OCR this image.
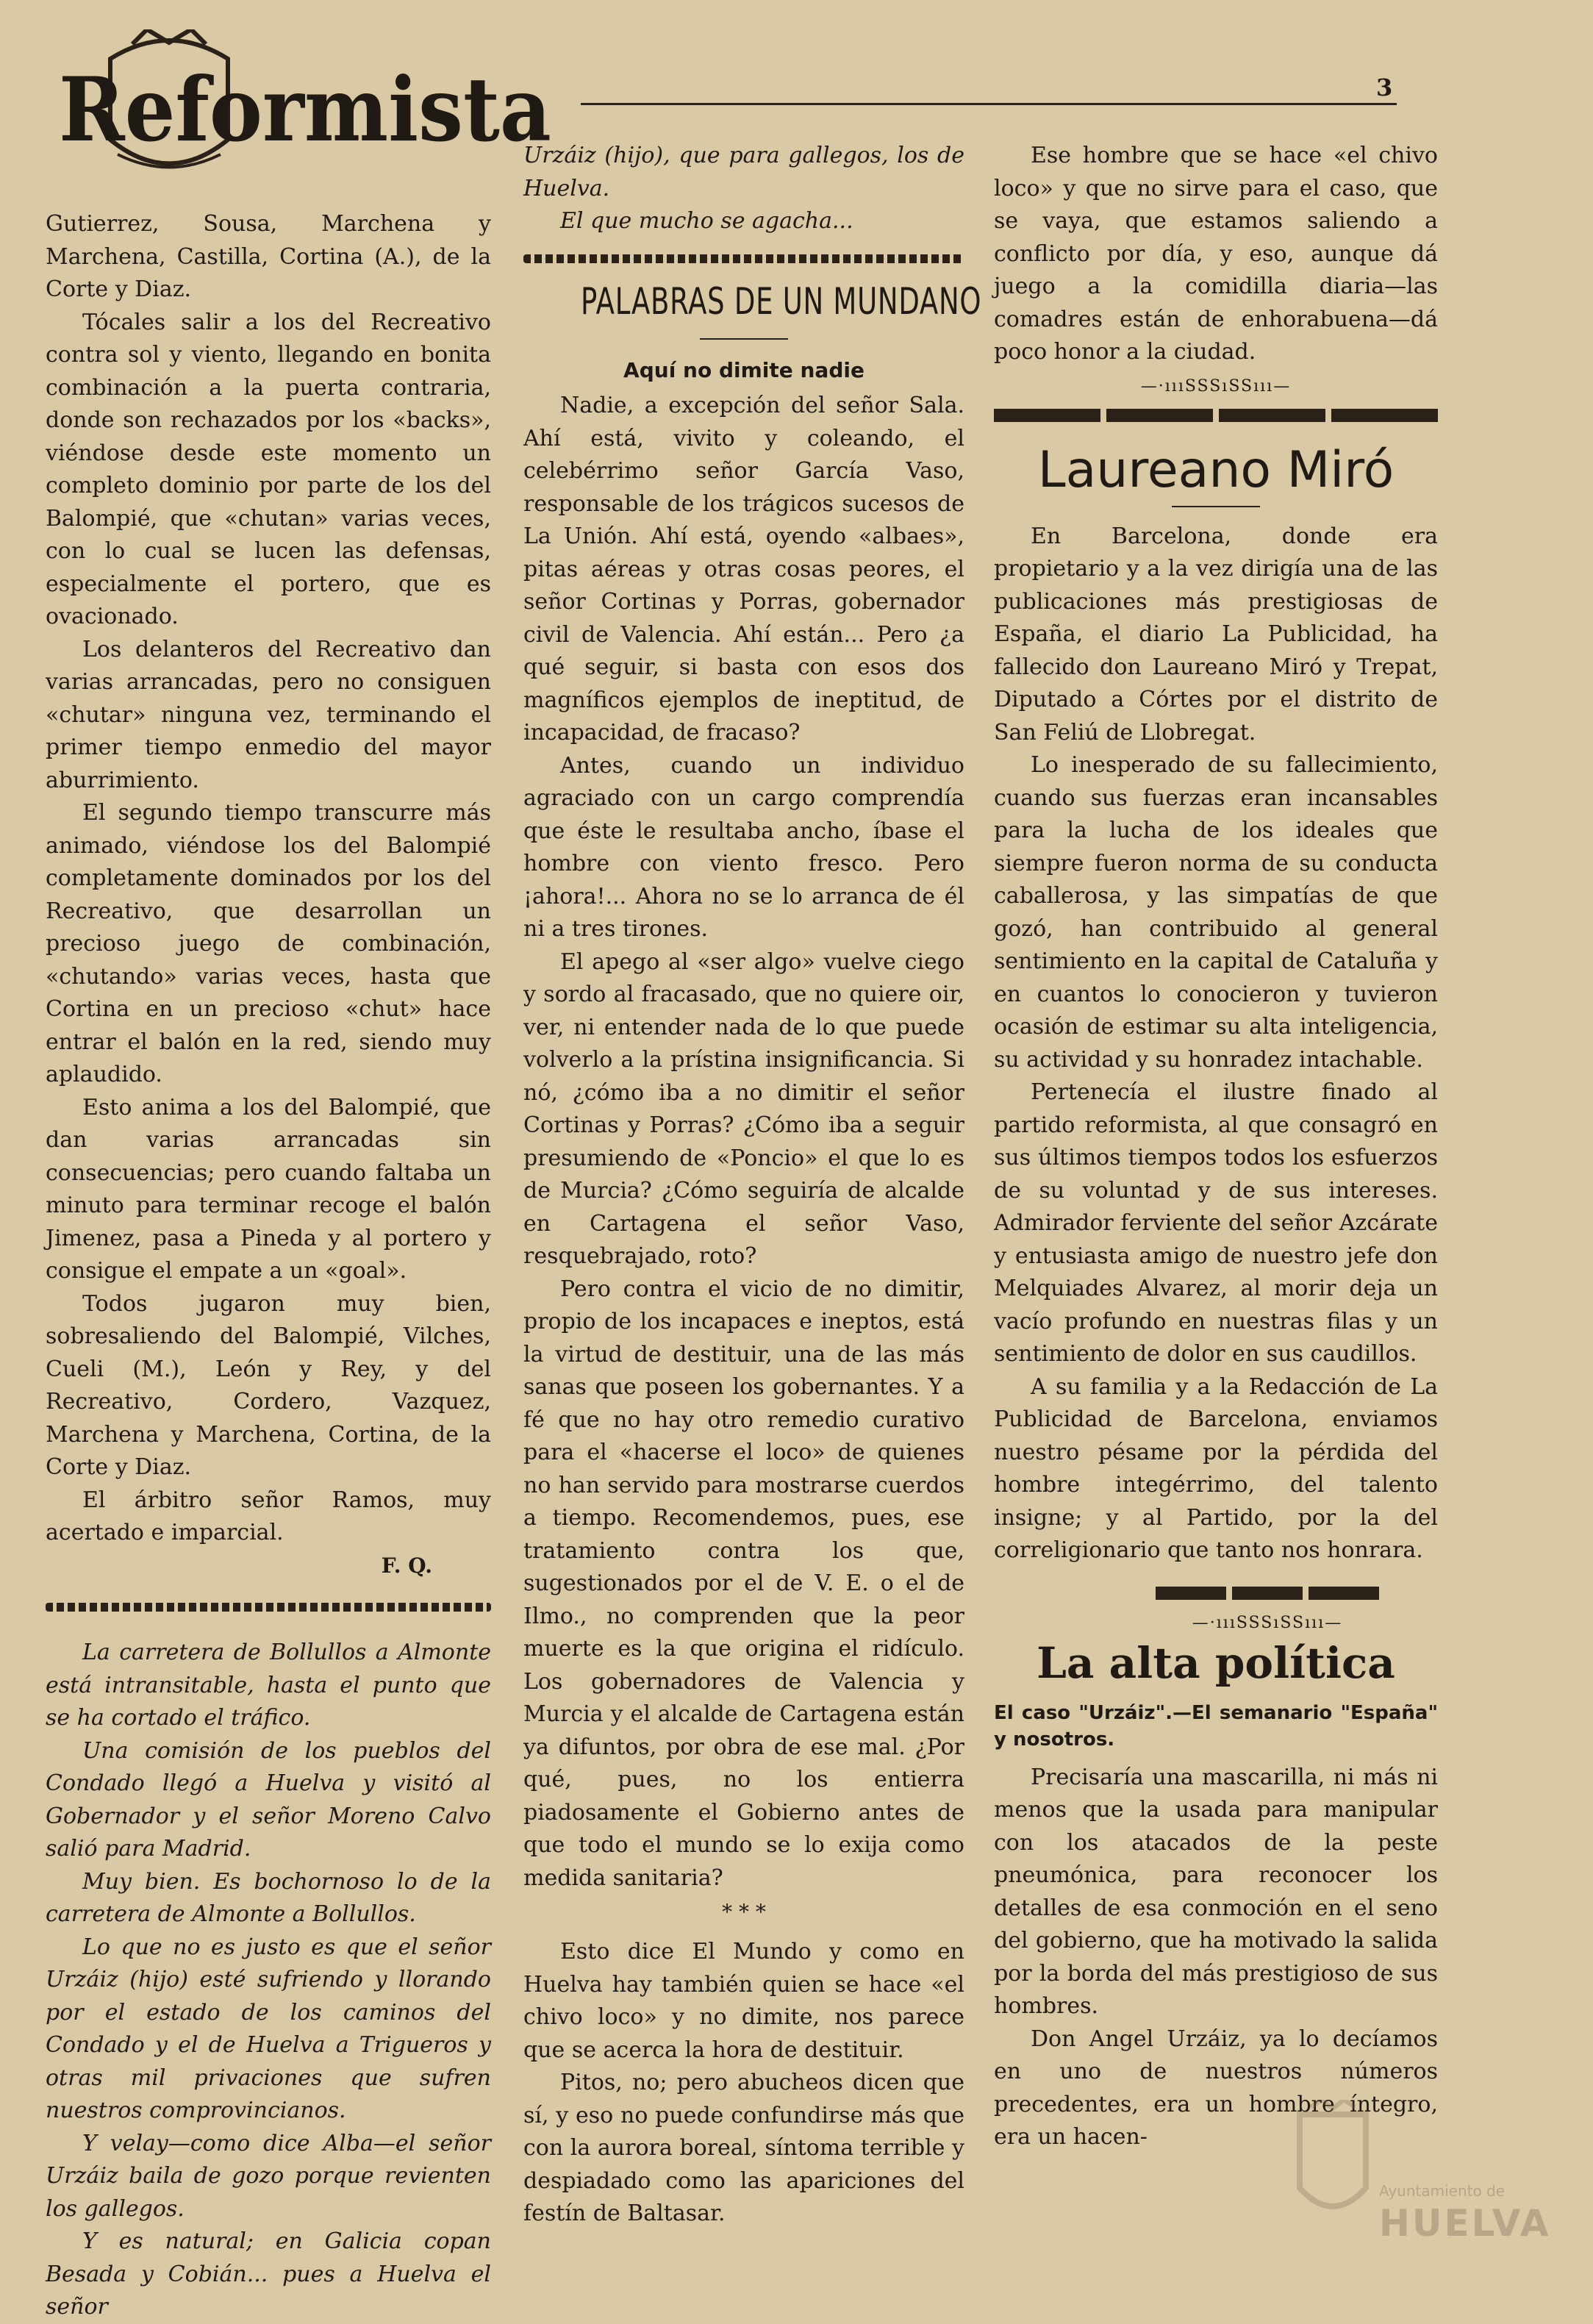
Reformista	3

Gutierrez, Sousa, Marchena y Marchena, Castilla, Cortina (A.), de la Corte y Diaz.

Tócales salir a los del Recreativo contra sol y viento, llegando en bonita combinación a la puerta contraria, donde son rechazados por los «backs», viéndose desde este momento un completo dominio por parte de los del Balompié, que «chutan» varias veces, con lo cual se lucen las defensas, especialmente el portero, que es ovacionado.

Los delanteros del Recreativo dan varias arrancadas, pero no consiguen «chutar» ninguna vez, terminando el primer tiempo enmedio del mayor aburrimiento.

El segundo tiempo transcurre más animado, viéndose los del Balompié completamente dominados por los del Recreativo, que desarrollan un precioso juego de combinación, «chutando» varias veces, hasta que Cortina en un precioso «chut» hace entrar el balón en la red, siendo muy aplaudido.

Esto anima a los del Balompié, que dan varias arrancadas sin consecuencias; pero cuando faltaba un minuto para terminar recoge el balón Jimenez, pasa a Pineda y al portero y consigue el empate a un «goal».

Todos jugaron muy bien, sobresaliendo del Balompié, Vilches, Cueli (M.), León y Rey, y del Recreativo, Cordero, Vazquez, Marchena y Marchena, Cortina, de la Corte y Diaz.

El árbitro señor Ramos, muy acertado e imparcial.

F. Q.

La carretera de Bollullos a Almonte está intransitable, hasta el punto que se ha cortado el tráfico.

Una comisión de los pueblos del Condado llegó a Huelva y visitó al Gobernador y el señor Moreno Calvo salió para Madrid.

Muy bien. Es bochornoso lo de la carretera de Almonte a Bollullos.

Lo que no es justo es que el señor Urzáiz (hijo) esté sufriendo y llorando por el estado de los caminos del Condado y el de Huelva a Trigueros y otras mil privaciones que sufren nuestros comprovincianos.

Y velay—como dice Alba—el señor Urzáiz baila de gozo porque revienten los gallegos.

Y es natural; en Galicia copan Besada y Cobián... pues a Huelva el señor

Urzáiz (hijo), que para gallegos, los de Huelva.

El que mucho se agacha...

PALABRAS DE UN MUNDANO
Aquí no dimite nadie

Nadie, a excepción del señor Sala. Ahí está, vivito y coleando, el celebérrimo señor García Vaso, responsable de los trágicos sucesos de La Unión. Ahí está, oyendo «albaes», pitas aéreas y otras cosas peores, el señor Cortinas y Porras, gobernador civil de Valencia. Ahí están... Pero ¿a qué seguir, si basta con esos dos magníficos ejemplos de ineptitud, de incapacidad, de fracaso?

Antes, cuando un individuo agraciado con un cargo comprendía que éste le resultaba ancho, íbase el hombre con viento fresco. Pero ¡ahora!... Ahora no se lo arranca de él ni a tres tirones.

El apego al «ser algo» vuelve ciego y sordo al fracasado, que no quiere oir, ver, ni entender nada de lo que puede volverlo a la prístina insignificancia. Si nó, ¿cómo iba a no dimitir el señor Cortinas y Porras? ¿Cómo iba a seguir presumiendo de «Poncio» el que lo es de Murcia? ¿Cómo seguiría de alcalde en Cartagena el señor Vaso, resquebrajado, roto?

Pero contra el vicio de no dimitir, propio de los incapaces e ineptos, está la virtud de destituir, una de las más sanas que poseen los gobernantes. Y a fé que no hay otro remedio curativo para el «hacerse el loco» de quienes no han servido para mostrarse cuerdos a tiempo. Recomendemos, pues, ese tratamiento contra los que, sugestionados por el de V. E. o el de Ilmo., no comprenden que la peor muerte es la que origina el ridículo. Los gobernadores de Valencia y Murcia y el alcalde de Cartagena están ya difuntos, por obra de ese mal. ¿Por qué, pues, no los entierra piadosamente el Gobierno antes de que todo el mundo se lo exija como medida sanitaria?

* * *

Esto dice El Mundo y como en Huelva hay también quien se hace «el chivo loco» y no dimite, nos parece que se acerca la hora de destituir.

Pitos, no; pero abucheos dicen que sí, y eso no puede confundirse más que con la aurora boreal, síntoma terrible y despiadado como las apariciones del festín de Baltasar.

Ese hombre que se hace «el chivo loco» y que no sirve para el caso, que se vaya, que estamos saliendo a conflicto por día, y eso, aunque dá juego a la comidilla diaria—las comadres están de enhorabuena—dá poco honor a la ciudad.

—·ıııSSSıSSııı—
Laureano Miró

En Barcelona, donde era propietario y a la vez dirigía una de las publicaciones más prestigiosas de España, el diario La Publicidad, ha fallecido don Laureano Miró y Trepat, Diputado a Córtes por el distrito de San Feliú de Llobregat.

Lo inesperado de su fallecimiento, cuando sus fuerzas eran incansables para la lucha de los ideales que siempre fueron norma de su conducta caballerosa, y las simpatías de que gozó, han contribuido al general sentimiento en la capital de Cataluña y en cuantos lo conocieron y tuvieron ocasión de estimar su alta inteligencia, su actividad y su honradez intachable.

Pertenecía el ilustre finado al partido reformista, al que consagró en sus últimos tiempos todos los esfuerzos de su voluntad y de sus intereses. Admirador ferviente del señor Azcárate y entusiasta amigo de nuestro jefe don Melquiades Alvarez, al morir deja un vacío profundo en nuestras filas y un sentimiento de dolor en sus caudillos.

A su familia y a la Redacción de La Publicidad de Barcelona, enviamos nuestro pésame por la pérdida del hombre integérrimo, del talento insigne; y al Partido, por la del correligionario que tanto nos honrara.

—·ıııSSSıSSııı—
La alta política
El caso "Urzáiz".—El semanario "España" y nosotros.

Precisaría una mascarilla, ni más ni menos que la usada para manipular con los atacados de la peste pneumónica, para reconocer los detalles de esa conmoción en el seno del gobierno, que ha motivado la salida por la borda del más prestigioso de sus hombres.

Don Angel Urzáiz, ya lo decíamos en uno de nuestros números precedentes, era un hombre íntegro, era un hacen-

Ayuntamiento de
HUELVA
